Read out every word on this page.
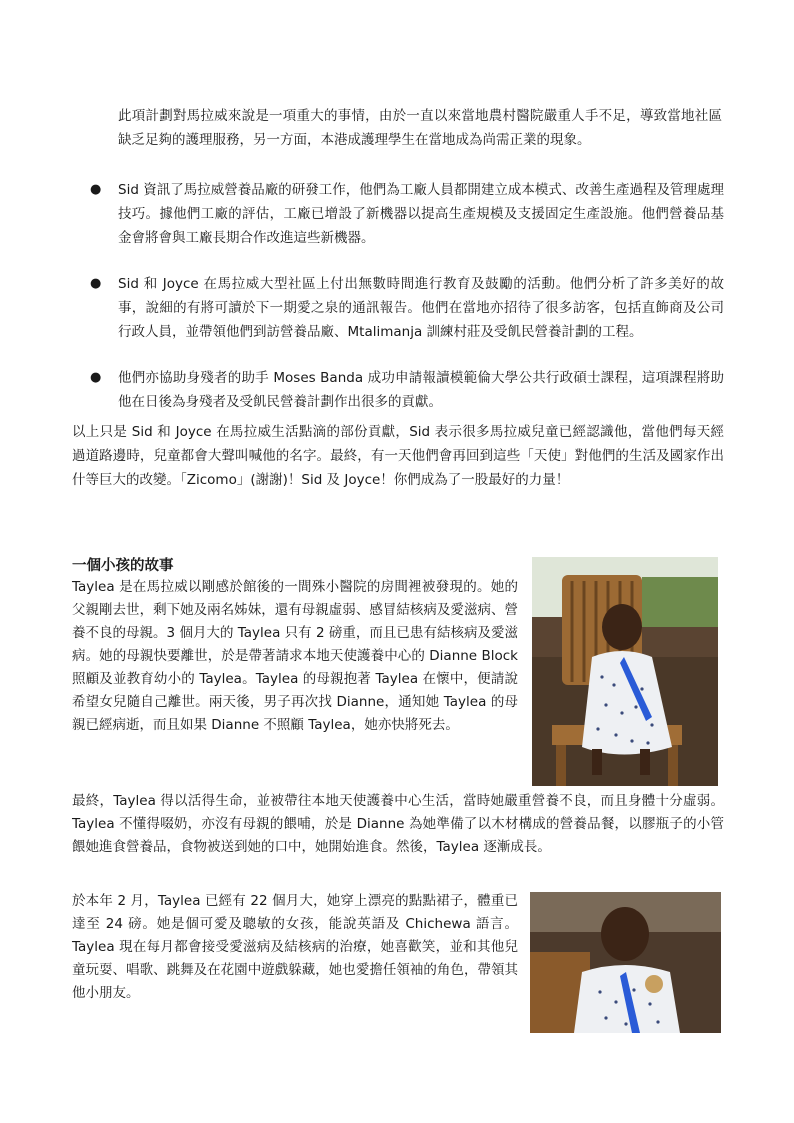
此項計劃對馬拉威來說是一項重大的事情，由於一直以來當地農村醫院嚴重人手不足，導致當地社區缺乏足夠的護理服務，另一方面，本港成護理學生在當地成為尚需正業的現象。

● Sid 資訊了馬拉威營養品廠的研發工作，他們為工廠人員都開建立成本模式、改善生產過程及管理處理技巧。據他們工廠的評估，工廠已增設了新機器以提高生產規模及支援固定生產設施。他們營養品基金會將會與工廠長期合作改進這些新機器。
● Sid 和 Joyce 在馬拉威大型社區上付出無數時間進行教育及鼓勵的活動。他們分析了許多美好的故事，說細的有將可讀於下一期愛之泉的通訊報告。他們在當地亦招待了很多訪客，包括直飾商及公司行政人員，並帶領他們到訪營養品廠、Mtalimanja 訓練村莊及受飢民營養計劃的工程。
● 他們亦協助身殘者的助手 Moses Banda 成功申請報讀模範倫大學公共行政碩士課程，這項課程將助他在日後為身殘者及受飢民營養計劃作出很多的貢獻。

以上只是 Sid 和 Joyce 在馬拉威生活點滴的部份貢獻，Sid 表示很多馬拉威兒童已經認識他，當他們每天經過道路邊時，兒童都會大聲叫喊他的名字。最終，有一天他們會再回到這些「天使」對他們的生活及國家作出什等巨大的改變。「Zicomo」(謝謝)！Sid 及 Joyce！你們成為了一股最好的力量！

一個小孩的故事

Taylea 是在馬拉威以剛感於館後的一間殊小醫院的房間裡被發現的。她的父親剛去世，剩下她及兩名姊妹，還有母親虛弱、感冒結核病及愛滋病、營養不良的母親。3 個月大的 Taylea 只有 2 磅重，而且已患有結核病及愛滋病。她的母親快要離世，於是帶著請求本地天使護養中心的 Dianne Block 照顧及並教育幼小的 Taylea。Taylea 的母親抱著 Taylea 在懷中，便請說希望女兒隨自己離世。兩天後，男子再次找 Dianne，通知她 Taylea 的母親已經病逝，而且如果 Dianne 不照顧 Taylea，她亦快將死去。

最終，Taylea 得以活得生命，並被帶往本地天使護養中心生活，當時她嚴重營養不良，而且身體十分虛弱。Taylea 不懂得啜奶，亦沒有母親的餵哺，於是 Dianne 為她準備了以木材構成的營養品餐，以膠瓶子的小管餵她進食營養品，食物被送到她的口中，她開始進食。然後，Taylea 逐漸成長。

於本年 2 月，Taylea 已經有 22 個月大，她穿上漂亮的點點裙子，體重已達至 24 磅。她是個可愛及聰敏的女孩，能說英語及 Chichewa 語言。Taylea 現在每月都會接受愛滋病及結核病的治療，她喜歡笑，並和其他兒童玩耍、唱歌、跳舞及在花園中遊戲躲藏，她也愛擔任領袖的角色，帶領其他小朋友。
